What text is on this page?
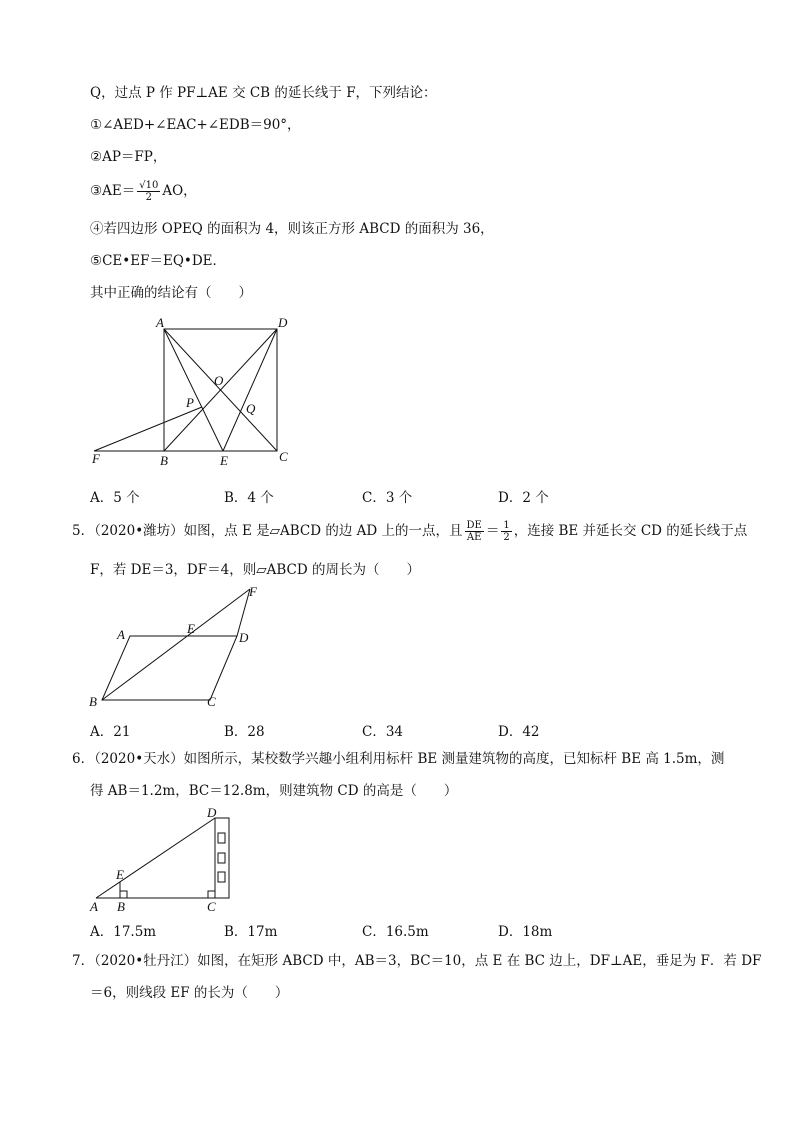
Q，过点 P 作 PF⊥AE 交 CB 的延长线于 F，下列结论：
①∠AED+∠EAC+∠EDB＝90°，
②AP＝FP，
③AE＝ $\frac{√10}{2}$ AO，
④若四边形 OPEQ 的面积为 4，则该正方形 ABCD 的面积为 36，
⑤CE•EF＝EQ•DE．
其中正确的结论有（　　）
A	D
O
P	Q
F	B	E	C
A．5 个	B．4 个	C．3 个	D．2 个
5．（2020•潍坊）如图，点 E 是▱ABCD 的边 AD 上的一点，且 $\frac{DE}{AE} = \frac{1}{2}$ ，连接 BE 并延长交 CD 的延长线于点
F，若 DE＝3，DF＝4，则▱ABCD 的周长为（　　）
F
A	E
D
B	C
A．21	B．28	C．34	D．42
6．（2020•天水）如图所示，某校数学兴趣小组利用标杆 BE 测量建筑物的高度，已知标杆 BE 高 1.5m，测
得 AB＝1.2m，BC＝12.8m，则建筑物 CD 的高是（　　）
D
E
A B	C
A．17.5m	B．17m	C．16.5m	D．18m
7．（2020•牡丹江）如图，在矩形 ABCD 中，AB＝3，BC＝10，点 E 在 BC 边上，DF⊥AE，垂足为 F．若 DF
＝6，则线段 EF 的长为（　　）
